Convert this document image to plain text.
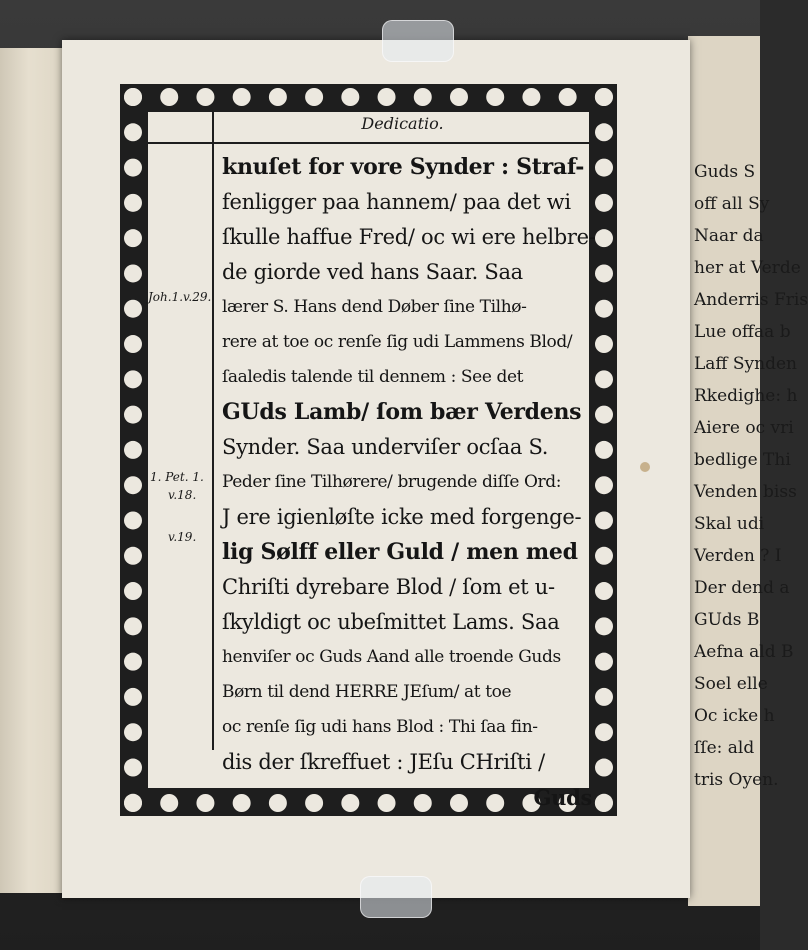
Guds S
off all Sy
Naar da
her at Verde
Anderris Fris
Lue offaa b
Laff Synden
Rkedighe: h
Aiere oc vri
bedlige Thi
Venden biss
Skal udi
Verden ? I
Der dend a
GUds B
Aefna ald B
Soel elle
Oc icke h
ſſe: ald
tris Oyen.
Dedicatio.
Joh.1.v.29.
1. Pet. 1.
v.18.
v.19.
knuſet for vore Synder : Straf-
fenligger paa hannem/ paa det wi
ſkulle haffue Fred/ oc wi ere helbre-
de giorde ved hans Saar. Saa
lærer S. Hans dend Døber ſine Tilhø-
rere at toe oc renſe ſig udi Lammens Blod/
ſaaledis talende til dennem : See det
GUds Lamb/ ſom bær Verdens
Synder. Saa underviſer ocſaa S.
Peder ſine Tilhørere/ brugende diſſe Ord:
J ere igienløſte icke med forgenge-
lig Sølff eller Guld / men med
Chriſti dyrebare Blod / ſom et u-
ſkyldigt oc ubeſmittet Lams. Saa
henviſer oc Guds Aand alle troende Guds
Børn til dend HERRE JEſum/ at toe
oc renſe ſig udi hans Blod : Thi ſaa fin-
dis der ſkreffuet : JEſu CHriſti /
Guds
